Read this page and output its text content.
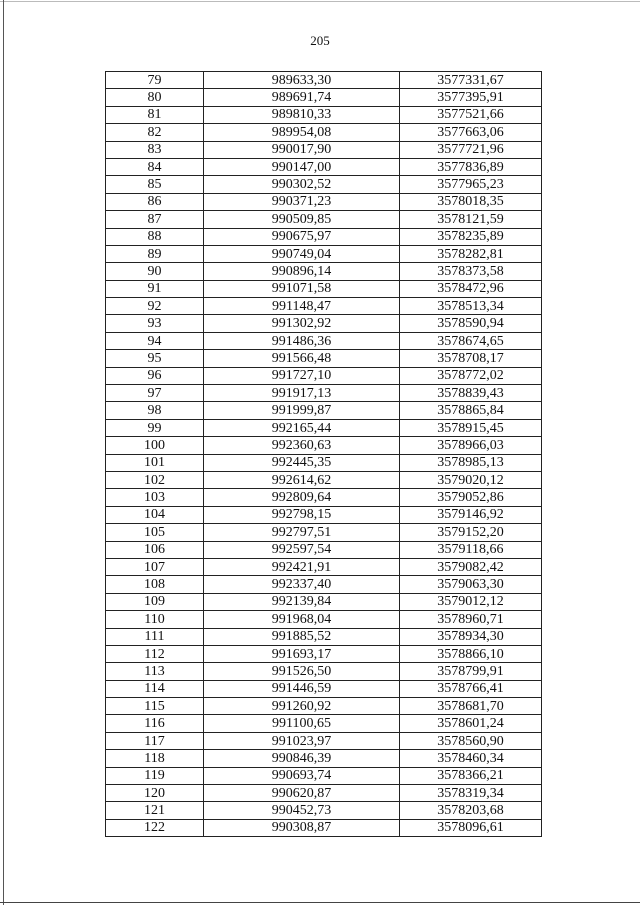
205
79	989633,30	3577331,67
80	989691,74	3577395,91
81	989810,33	3577521,66
82	989954,08	3577663,06
83	990017,90	3577721,96
84	990147,00	3577836,89
85	990302,52	3577965,23
86	990371,23	3578018,35
87	990509,85	3578121,59
88	990675,97	3578235,89
89	990749,04	3578282,81
90	990896,14	3578373,58
91	991071,58	3578472,96
92	991148,47	3578513,34
93	991302,92	3578590,94
94	991486,36	3578674,65
95	991566,48	3578708,17
96	991727,10	3578772,02
97	991917,13	3578839,43
98	991999,87	3578865,84
99	992165,44	3578915,45
100	992360,63	3578966,03
101	992445,35	3578985,13
102	992614,62	3579020,12
103	992809,64	3579052,86
104	992798,15	3579146,92
105	992797,51	3579152,20
106	992597,54	3579118,66
107	992421,91	3579082,42
108	992337,40	3579063,30
109	992139,84	3579012,12
110	991968,04	3578960,71
111	991885,52	3578934,30
112	991693,17	3578866,10
113	991526,50	3578799,91
114	991446,59	3578766,41
115	991260,92	3578681,70
116	991100,65	3578601,24
117	991023,97	3578560,90
118	990846,39	3578460,34
119	990693,74	3578366,21
120	990620,87	3578319,34
121	990452,73	3578203,68
122	990308,87	3578096,61
